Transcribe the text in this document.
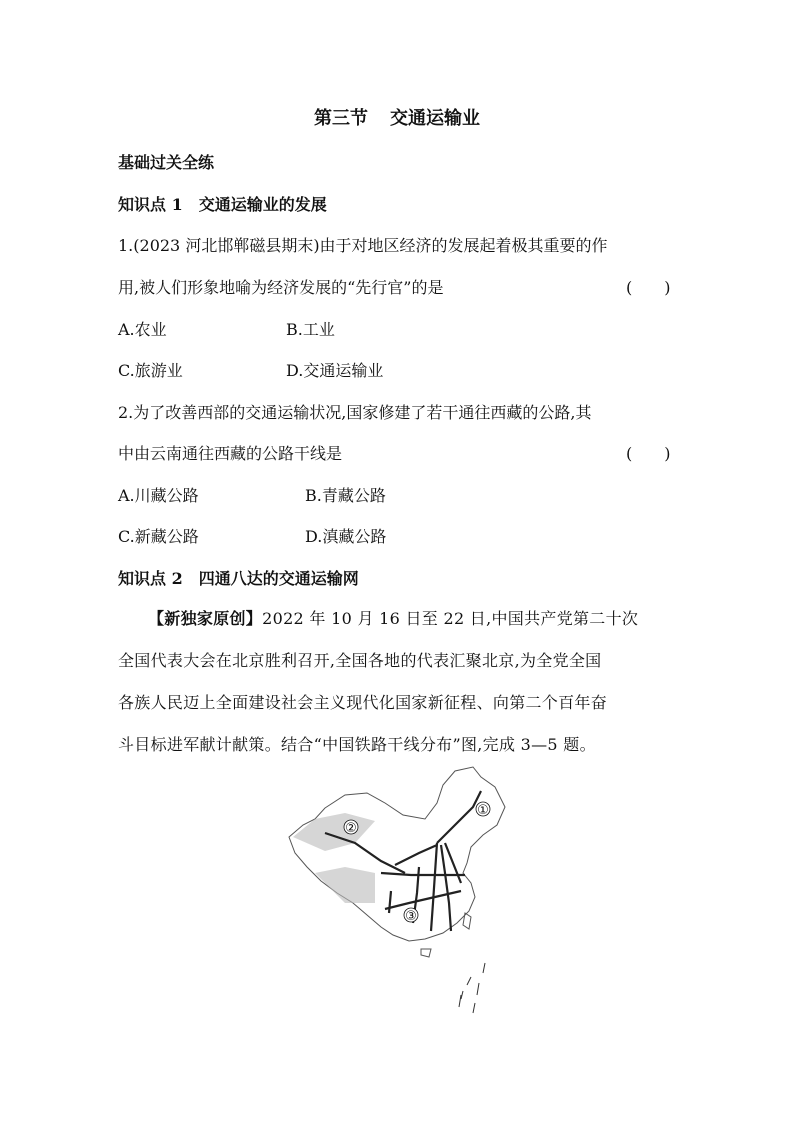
第三节 交通运输业
基础过关全练
知识点 1 交通运输业的发展
1.(2023 河北邯郸磁县期末)由于对地区经济的发展起着极其重要的作
用,被人们形象地喻为经济发展的“先行官”的是	(　　)
A.农业	B.工业
C.旅游业	D.交通运输业
2.为了改善西部的交通运输状况,国家修建了若干通往西藏的公路,其
中由云南通往西藏的公路干线是	(　　)
A.川藏公路	B.青藏公路
C.新藏公路	D.滇藏公路
知识点 2 四通八达的交通运输网
【新独家原创】2022 年 10 月 16 日至 22 日,中国共产党第二十次
全国代表大会在北京胜利召开,全国各地的代表汇聚北京,为全党全国
各族人民迈上全面建设社会主义现代化国家新征程、向第二个百年奋
斗目标进军献计献策。结合“中国铁路干线分布”图,完成 3—5 题。
①
②
③
